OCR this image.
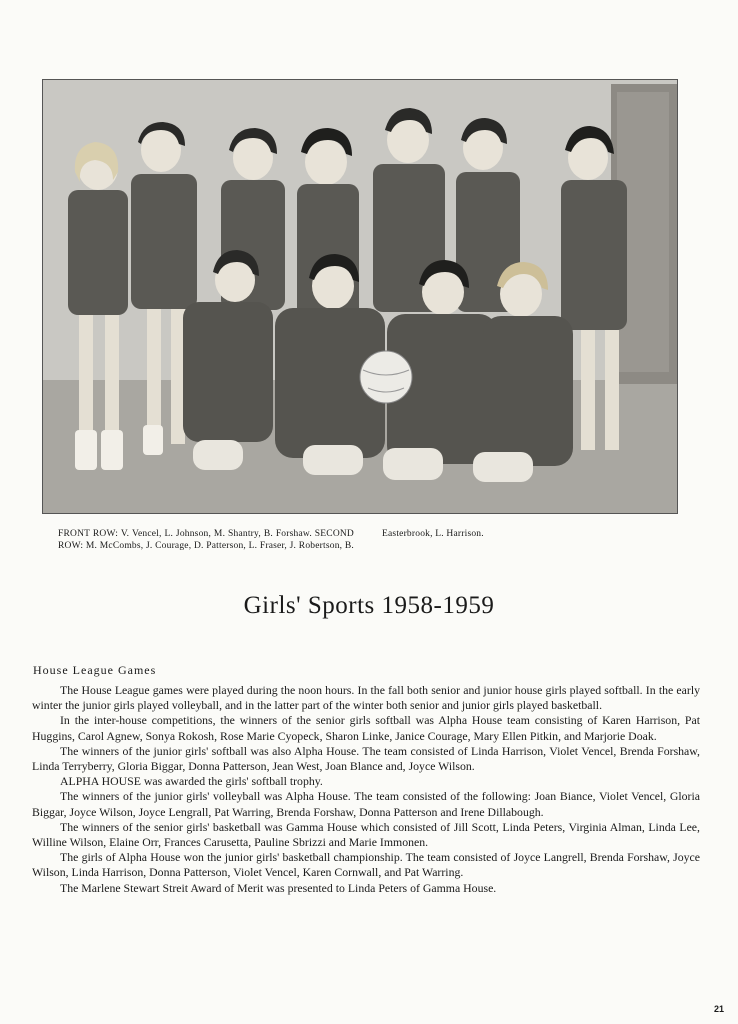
FRONT ROW: V. Vencel, L. Johnson, M. Shantry, B. Forshaw. SECOND ROW: M. McCombs, J. Courage, D. Patterson, L. Fraser, J. Robertson, B. Easterbrook, L. Harrison.
Girls' Sports 1958-1959
House League Games

The House League games were played during the noon hours. In the fall both senior and junior house girls played softball. In the early winter the junior girls played volleyball, and in the latter part of the winter both senior and junior girls played basketball.

In the inter-house competitions, the winners of the senior girls softball was Alpha House team consisting of Karen Harrison, Pat Huggins, Carol Agnew, Sonya Rokosh, Rose Marie Cyopeck, Sharon Linke, Janice Courage, Mary Ellen Pitkin, and Marjorie Doak.

The winners of the junior girls' softball was also Alpha House. The team consisted of Linda Harrison, Violet Vencel, Brenda Forshaw, Linda Terryberry, Gloria Biggar, Donna Patterson, Jean West, Joan Blance and, Joyce Wilson.

ALPHA HOUSE was awarded the girls' softball trophy.

The winners of the junior girls' volleyball was Alpha House. The team consisted of the following: Joan Biance, Violet Vencel, Gloria Biggar, Joyce Wilson, Joyce Lengrall, Pat Warring, Brenda Forshaw, Donna Patterson and Irene Dillabough.

The winners of the senior girls' basketball was Gamma House which consisted of Jill Scott, Linda Peters, Virginia Alman, Linda Lee, Willine Wilson, Elaine Orr, Frances Carusetta, Pauline Sbrizzi and Marie Immonen.

The girls of Alpha House won the junior girls' basketball championship. The team consisted of Joyce Langrell, Brenda Forshaw, Joyce Wilson, Linda Harrison, Donna Patterson, Violet Vencel, Karen Cornwall, and Pat Warring.

The Marlene Stewart Streit Award of Merit was presented to Linda Peters of Gamma House.

21
